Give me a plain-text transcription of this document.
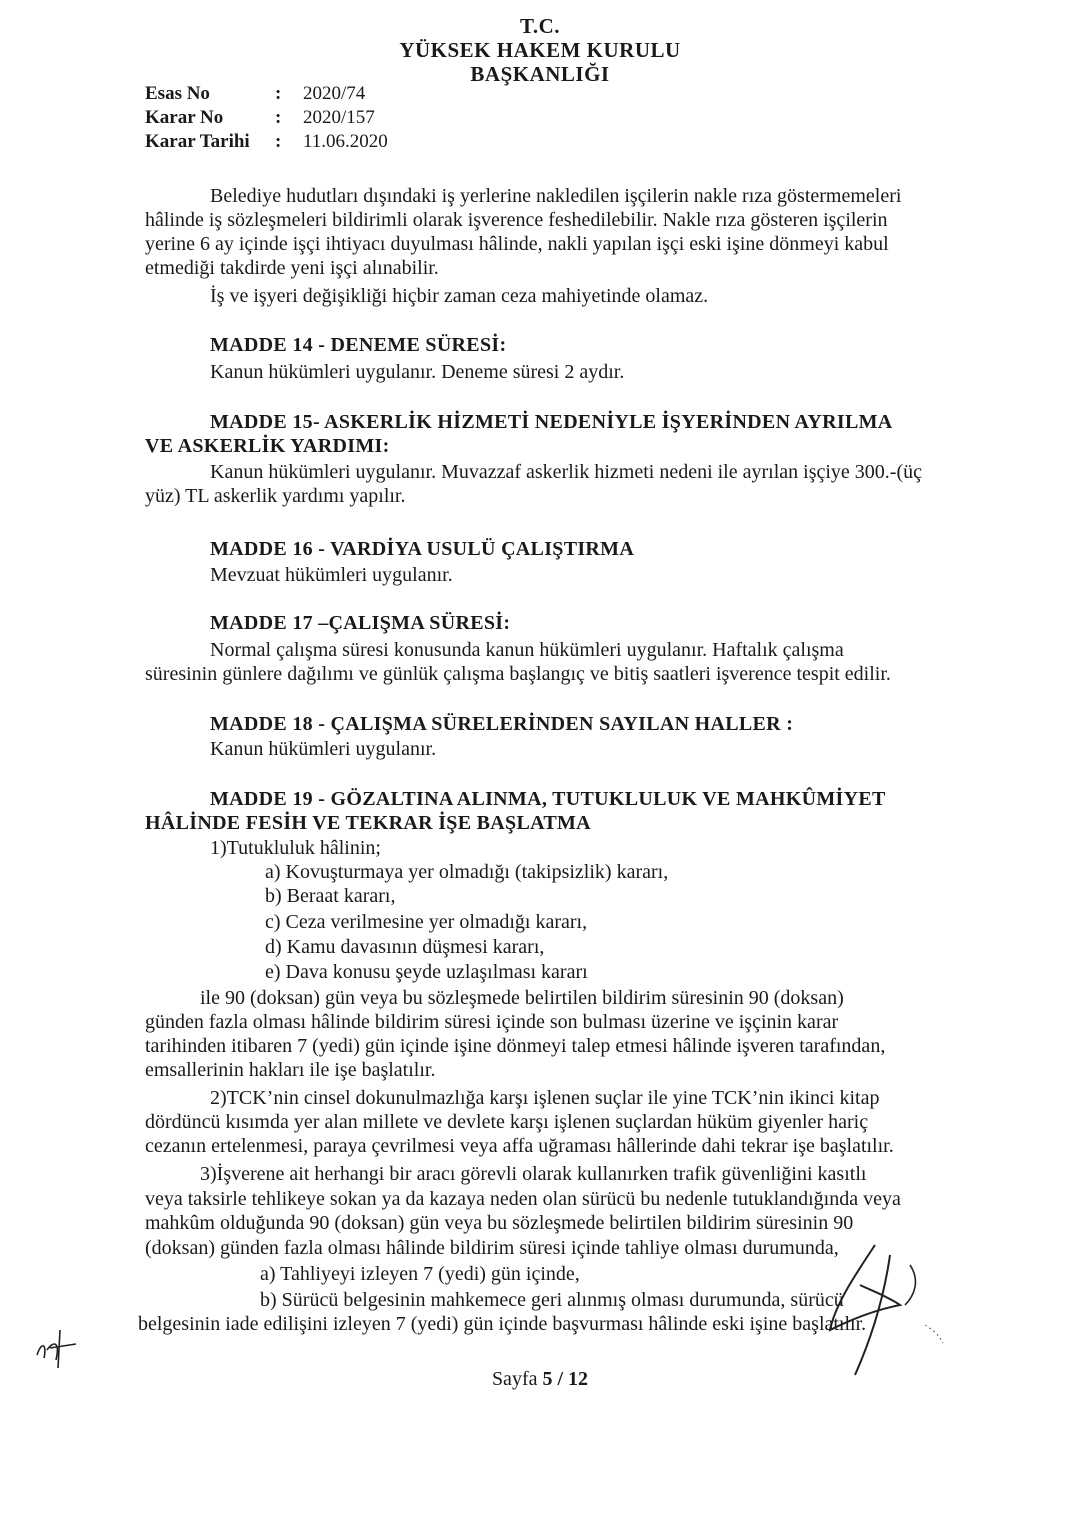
T.C.
YÜKSEK HAKEM KURULU
BAŞKANLIĞI
Esas No	: 2020/74
Karar No	: 2020/157
Karar Tarihi : 11.06.2020
Belediye hudutları dışındaki iş yerlerine nakledilen işçilerin nakle rıza göstermemeleri
hâlinde iş sözleşmeleri bildirimli olarak işverence feshedilebilir. Nakle rıza gösteren işçilerin
yerine 6 ay içinde işçi ihtiyacı duyulması hâlinde, nakli yapılan işçi eski işine dönmeyi kabul
etmediği takdirde yeni işçi alınabilir.
İş ve işyeri değişikliği hiçbir zaman ceza mahiyetinde olamaz.
MADDE 14 - DENEME SÜRESİ:
Kanun hükümleri uygulanır. Deneme süresi 2 aydır.
MADDE 15- ASKERLİK HİZMETİ NEDENİYLE İŞYERİNDEN AYRILMA
VE ASKERLİK YARDIMI:
Kanun hükümleri uygulanır. Muvazzaf askerlik hizmeti nedeni ile ayrılan işçiye 300.-(üç
yüz) TL askerlik yardımı yapılır.
MADDE 16 - VARDİYA USULÜ ÇALIŞTIRMA
Mevzuat hükümleri uygulanır.
MADDE 17 –ÇALIŞMA SÜRESİ:
Normal çalışma süresi konusunda kanun hükümleri uygulanır. Haftalık çalışma
süresinin günlere dağılımı ve günlük çalışma başlangıç ve bitiş saatleri işverence tespit edilir.
MADDE 18 - ÇALIŞMA SÜRELERİNDEN SAYILAN HALLER :
Kanun hükümleri uygulanır.
MADDE 19 - GÖZALTINA ALINMA, TUTUKLULUK VE MAHKÛMİYET
HÂLİNDE FESİH VE TEKRAR İŞE BAŞLATMA
1)Tutukluluk hâlinin;
a) Kovuşturmaya yer olmadığı (takipsizlik) kararı,
b) Beraat kararı,
c) Ceza verilmesine yer olmadığı kararı,
d) Kamu davasının düşmesi kararı,
e) Dava konusu şeyde uzlaşılması kararı
ile 90 (doksan) gün veya bu sözleşmede belirtilen bildirim süresinin 90 (doksan)
günden fazla olması hâlinde bildirim süresi içinde son bulması üzerine ve işçinin karar
tarihinden itibaren 7 (yedi) gün içinde işine dönmeyi talep etmesi hâlinde işveren tarafından,
emsallerinin hakları ile işe başlatılır.
2)TCK’nin cinsel dokunulmazlığa karşı işlenen suçlar ile yine TCK’nin ikinci kitap
dördüncü kısımda yer alan millete ve devlete karşı işlenen suçlardan hüküm giyenler hariç
cezanın ertelenmesi, paraya çevrilmesi veya affa uğraması hâllerinde dahi tekrar işe başlatılır.
3)İşverene ait herhangi bir aracı görevli olarak kullanırken trafik güvenliğini kasıtlı
veya taksirle tehlikeye sokan ya da kazaya neden olan sürücü bu nedenle tutuklandığında veya
mahkûm olduğunda 90 (doksan) gün veya bu sözleşmede belirtilen bildirim süresinin 90
(doksan) günden fazla olması hâlinde bildirim süresi içinde tahliye olması durumunda,
a) Tahliyeyi izleyen 7 (yedi) gün içinde,
b) Sürücü belgesinin mahkemece geri alınmış olması durumunda, sürücü
belgesinin iade edilişini izleyen 7 (yedi) gün içinde başvurması hâlinde eski işine başlatılır.
Sayfa 5 / 12
